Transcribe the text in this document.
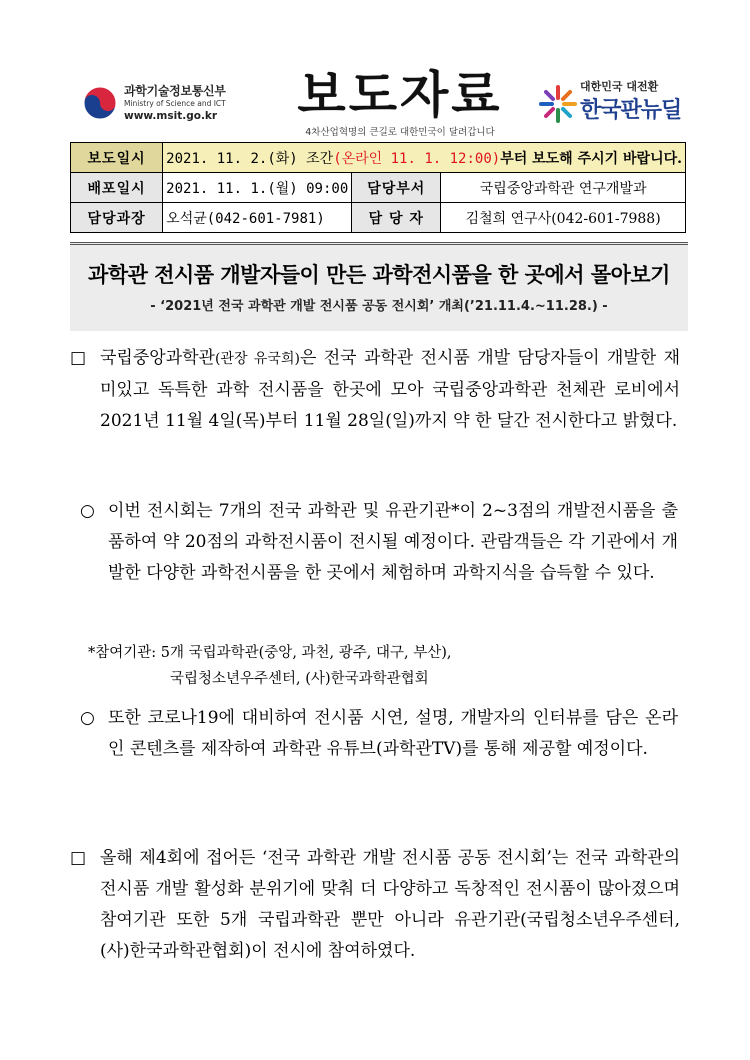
과학기술정보통신부
Ministry of Science and ICT
www.msit.go.kr 보도자료
4차산업혁명의 큰길로 대한민국이 달려갑니다
대한민국 대전환
한국판뉴딜
보도일시	2021. 11. 2.(화) 조간(온라인 11. 1. 12:00)부터 보도해 주시기 바랍니다.		
배포일시	2021. 11. 1.(월) 09:00	담당부서	국립중앙과학관 연구개발과
담당과장	오석균(042-601-7981)	담 당 자	김철희 연구사(042-601-7988)
과학관 전시품 개발자들이 만든 과학전시품을 한 곳에서 몰아보기
- ‘2021년 전국 과학관 개발 전시품 공동 전시회’ 개최(’21.11.4.~11.28.) -
□ 국립중앙과학관(관장 유국희)은 전국 과학관 전시품 개발 담당자들이 개발한 재미있고 독특한 과학 전시품을 한곳에 모아 국립중앙과학관 천체관 로비에서 2021년 11월 4일(목)부터 11월 28일(일)까지 약 한 달간 전시한다고 밝혔다.
○ 이번 전시회는 7개의 전국 과학관 및 유관기관*이 2~3점의 개발전시품을 출품하여 약 20점의 과학전시품이 전시될 예정이다. 관람객들은 각 기관에서 개발한 다양한 과학전시품을 한 곳에서 체험하며 과학지식을 습득할 수 있다.
*참여기관: 5개 국립과학관(중앙, 과천, 광주, 대구, 부산),
국립청소년우주센터, (사)한국과학관협회
○ 또한 코로나19에 대비하여 전시품 시연, 설명, 개발자의 인터뷰를 담은 온라인 콘텐츠를 제작하여 과학관 유튜브(과학관TV)를 통해 제공할 예정이다.
□ 올해 제4회에 접어든 ‘전국 과학관 개발 전시품 공동 전시회’는 전국 과학관의 전시품 개발 활성화 분위기에 맞춰 더 다양하고 독창적인 전시품이 많아졌으며 참여기관 또한 5개 국립과학관 뿐만 아니라 유관기관(국립청소년우주센터, (사)한국과학관협회)이 전시에 참여하였다.
